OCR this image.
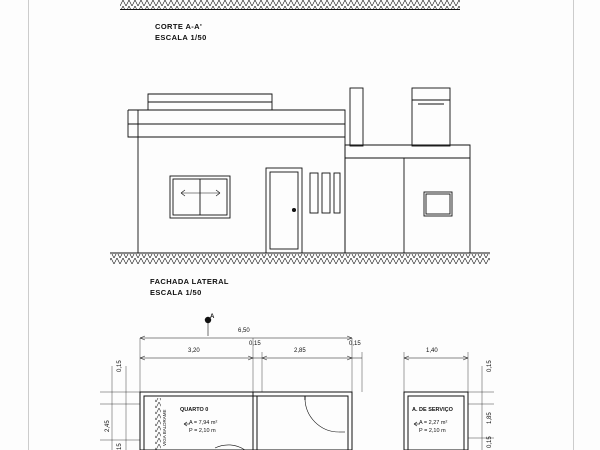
CORTE A-A'
ESCALA 1/50
FACHADA LATERAL
ESCALA 1/50
6,50
3,20
0,15
2,85
0,15
1,40
0,15
2,45
15
0,15
1,85
0,15
QUARTO 0
A = 7,94 m²
P = 2,10 m
A. DE SERVIÇO
A = 2,27 m²
P = 2,10 m
VIGA BALDRAME
A
